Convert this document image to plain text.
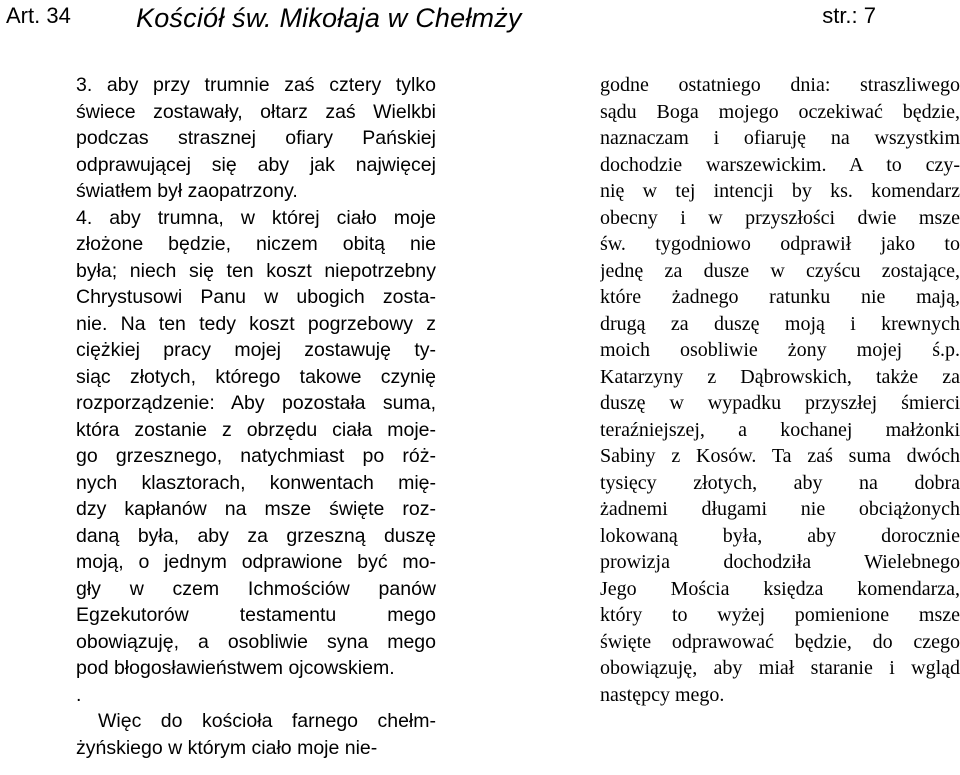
Art. 34 Kościół św. Mikołaja w Chełmży	str.: 7
3. aby przy trumnie zaś cztery tylko
świece zostawały, ołtarz zaś Wielkbi
podczas strasznej ofiary Pańskiej
odprawującej się aby jak najwięcej
światłem był zaopatrzony.
4. aby trumna, w której ciało moje
złożone będzie, niczem obitą nie
była; niech się ten koszt niepotrzebny
Chrystusowi Panu w ubogich zosta-
nie. Na ten tedy koszt pogrzebowy z
ciężkiej pracy mojej zostawuję ty-
siąc złotych, którego takowe czynię
rozporządzenie: Aby pozostała suma,
która zostanie z obrzędu ciała moje-
go grzesznego, natychmiast po róż-
nych klasztorach, konwentach mię-
dzy kapłanów na msze święte roz-
daną była, aby za grzeszną duszę
moją, o jednym odprawione być mo-
gły w czem Ichmościów panów
Egzekutorów testamentu mego
obowiązuję, a osobliwie syna mego
pod błogosławieństwem ojcowskiem.
.
Więc do kościoła farnego chełm-
żyńskiego w którym ciało moje nie-
godne ostatniego dnia: straszliwego
sądu Boga mojego oczekiwać będzie,
naznaczam i ofiaruję na wszystkim
dochodzie warszewickim. A to czy-
nię w tej intencji by ks. komendarz
obecny i w przyszłości dwie msze
św. tygodniowo odprawił jako to
jednę za dusze w czyścu zostające,
które żadnego ratunku nie mają,
drugą za duszę moją i krewnych
moich osobliwie żony mojej ś.p.
Katarzyny z Dąbrowskich, także za
duszę w wypadku przyszłej śmierci
teraźniejszej, a kochanej małżonki
Sabiny z Kosów. Ta zaś suma dwóch
tysięcy złotych, aby na dobra
żadnemi długami nie obciążonych
lokowaną była, aby dorocznie
prowizja dochodziła Wielebnego
Jego Mościa księdza komendarza,
który to wyżej pomienione msze
święte odprawować będzie, do czego
obowiązuję, aby miał staranie i wgląd
następcy mego.
